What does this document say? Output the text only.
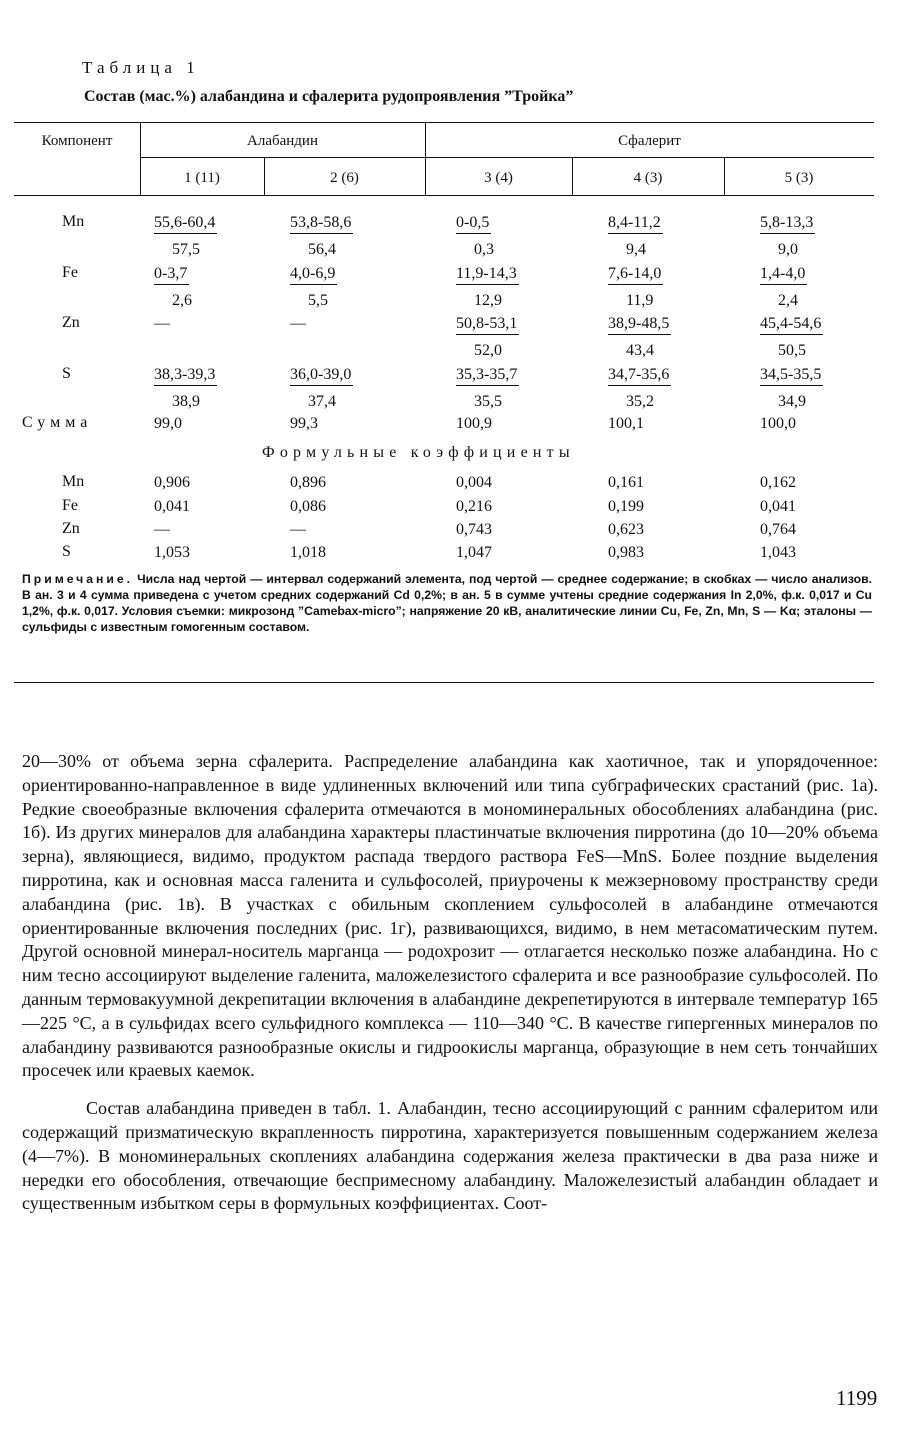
Таблица 1
Состав (мас.%) алабандина и сфалерита рудопроявления ”Тройка”
Компонент	Алабандин	Сфалерит
1 (11)	2 (6)	3 (4)	4 (3)	5 (3)
Mn	$\frac{55,6-60,4}{57,5}$	$\frac{53,8-58,6}{56,4}$	$\frac{0-0,5}{0,3}$	$\frac{8,4-11,2}{9,4}$	$\frac{5,8-13,3}{9,0}$
Fe	$\frac{0-3,7}{2,6}$	$\frac{4,0-6,9}{5,5}$	$\frac{11,9-14,3}{12,9}$	$\frac{7,6-14,0}{11,9}$	$\frac{1,4-4,0}{2,4}$
Zn	—	—	$\frac{50,8-53,1}{52,0}$	$\frac{38,9-48,5}{43,4}$	$\frac{45,4-54,6}{50,5}$
S	$\frac{38,3-39,3}{38,9}$	$\frac{36,0-39,0}{37,4}$	$\frac{35,3-35,7}{35,5}$	$\frac{34,7-35,6}{35,2}$	$\frac{34,5-35,5}{34,9}$
Сумма	99,0	99,3	100,9	100,1	100,0
Формульные коэффициенты
Mn	0,906	0,896	0,004	0,161	0,162
Fe	0,041	0,086	0,216	0,199	0,041
Zn	—	—	0,743	0,623	0,764
S	1,053	1,018	1,047	0,983	1,043
Примечание. Числа над чертой — интервал содержаний элемента, под чертой — среднее содержание; в скобках — число анализов. В ан. 3 и 4 сумма приведена с учетом средних содержаний Cd 0,2%; в ан. 5 в сумме учтены средние содержания In 2,0%, ф.к. 0,017 и Cu 1,2%, ф.к. 0,017. Условия съемки: микрозонд ”Camebax-micro”; напряжение 20 кВ, аналитические линии Cu, Fe, Zn, Mn, S — Kα; эталоны — сульфиды с известным гомогенным составом.

20—30% от объема зерна сфалерита. Распределение алабандина как хаотичное, так и упорядоченное: ориентированно-направленное в виде удлиненных включений или типа субграфических срастаний (рис. 1а). Редкие своеобразные включения сфалерита отмечаются в мономинеральных обособлениях алабандина (рис. 1б). Из других минералов для алабандина характеры пластинчатые включения пирротина (до 10—20% объема зерна), являющиеся, видимо, продуктом распада твердого раствора FeS—MnS. Более поздние выделения пирротина, как и основная масса галенита и сульфосолей, приурочены к межзерновому пространству среди алабандина (рис. 1в). В участках с обильным скоплением сульфосолей в алабандине отмечаются ориентированные включения последних (рис. 1г), развивающихся, видимо, в нем метасоматическим путем. Другой основной минерал-носитель марганца — родохрозит — отлагается несколько позже алабандина. Но с ним тесно ассоциируют выделение галенита, маложелезистого сфалерита и все разнообразие сульфосолей. По данным термовакуумной декрепитации включения в алабандине декрепетируются в интервале температур 165—225 °С, а в сульфидах всего сульфидного комплекса — 110—340 °С. В качестве гипергенных минералов по алабандину развиваются разнообразные окислы и гидроокислы марганца, образующие в нем сеть тончайших просечек или краевых каемок.

Состав алабандина приведен в табл. 1. Алабандин, тесно ассоциирующий с ранним сфалеритом или содержащий призматическую вкрапленность пирротина, характеризуется повышенным содержанием железа (4—7%). В мономинеральных скоплениях алабандина содержания железа практически в два раза ниже и нередки его обособления, отвечающие беспримесному алабандину. Маложелезистый алабандин обладает и существенным избытком серы в формульных коэффициентах. Соот-

1199
